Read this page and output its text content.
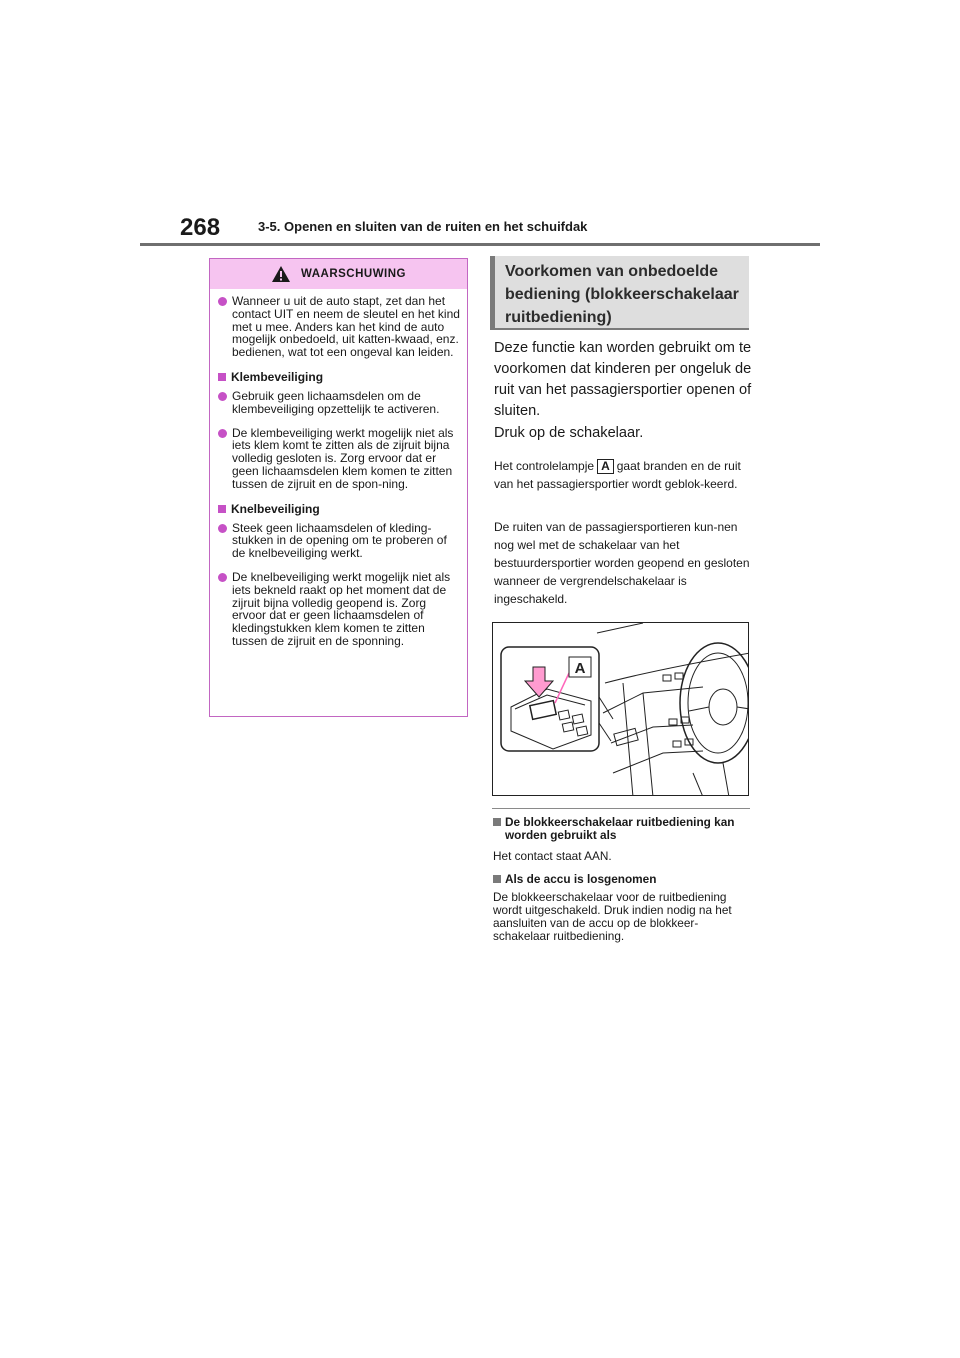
268	3-5. Openen en sluiten van de ruiten en het schuifdak
WAARSCHUWING
Wanneer u uit de auto stapt, zet dan het contact UIT en neem de sleutel en het kind met u mee. Anders kan het kind de auto mogelijk onbedoeld, uit katten-kwaad, enz. bedienen, wat tot een ongeval kan leiden.
Klembeveiliging
Gebruik geen lichaamsdelen om de klembeveiliging opzettelijk te activeren.
De klembeveiliging werkt mogelijk niet als iets klem komt te zitten als de zijruit bijna volledig gesloten is. Zorg ervoor dat er geen lichaamsdelen klem komen te zitten tussen de zijruit en de spon-ning.
Knelbeveiliging
Steek geen lichaamsdelen of kleding-stukken in de opening om te proberen of de knelbeveiliging werkt.
De knelbeveiliging werkt mogelijk niet als iets bekneld raakt op het moment dat de zijruit bijna volledig geopend is. Zorg ervoor dat er geen lichaamsdelen of kledingstukken klem komen te zitten tussen de zijruit en de sponning.
Voorkomen van onbedoelde bediening (blokkeerschakelaar ruitbediening)

Deze functie kan worden gebruikt om te voorkomen dat kinderen per ongeluk de ruit van het passagiersportier openen of sluiten.

Druk op de schakelaar.

Het controlelampje A gaat branden en de ruit van het passagiersportier wordt geblok-keerd.

De ruiten van de passagiersportieren kun-nen nog wel met de schakelaar van het bestuurdersportier worden geopend en gesloten wanneer de vergrendelschakelaar is ingeschakeld.

A
De blokkeerschakelaar ruitbediening kan worden gebruikt als
Het contact staat AAN.
Als de accu is losgenomen
De blokkeerschakelaar voor de ruitbediening wordt uitgeschakeld. Druk indien nodig na het aansluiten van de accu op de blokkeer-schakelaar ruitbediening.
